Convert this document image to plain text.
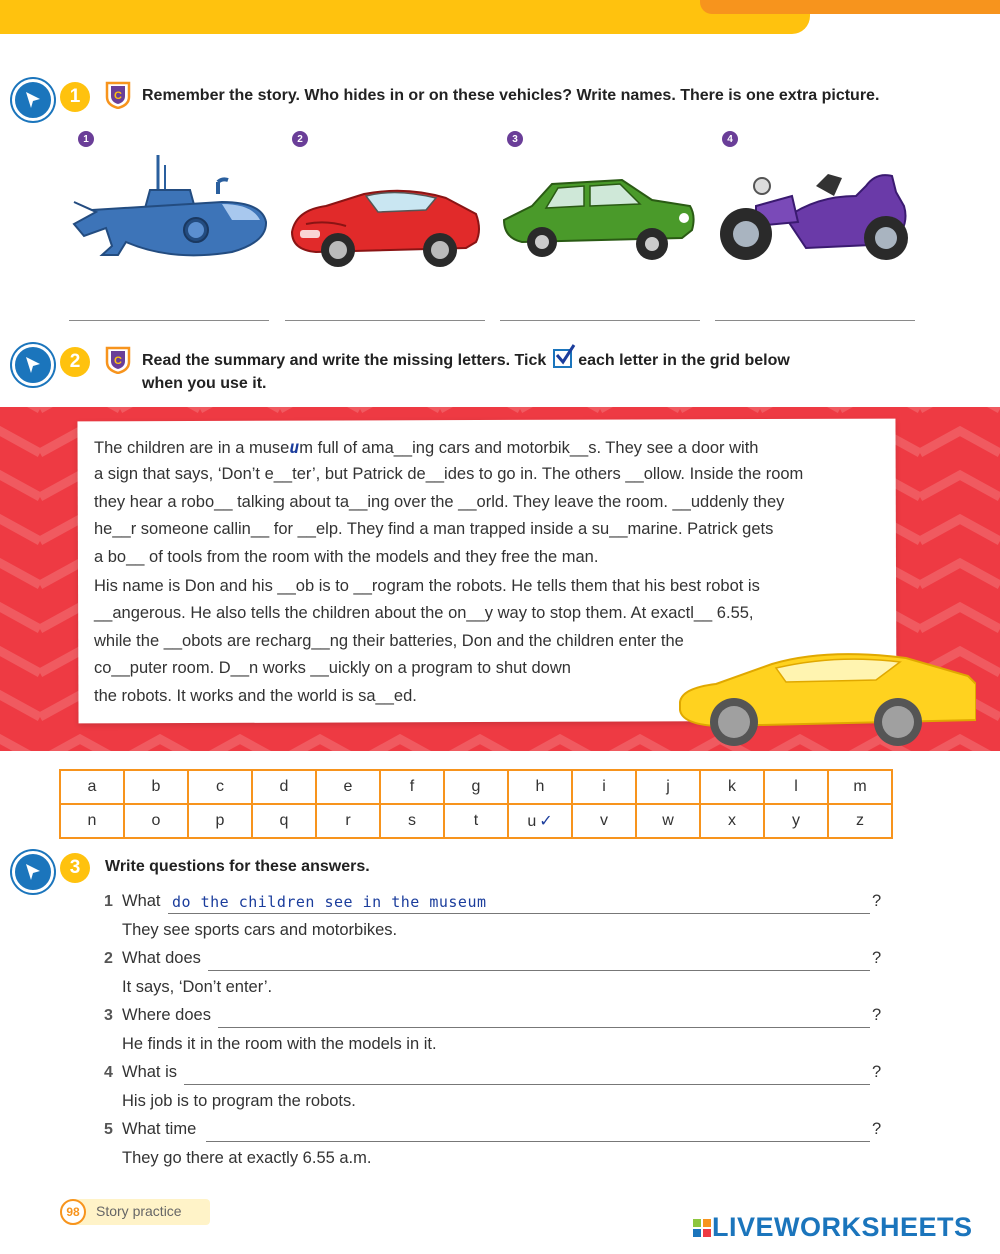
1	C Remember the story. Who hides in or on these vehicles? Write names. There is one extra picture.
1	2	3	4
2	C Read the summary and write the missing letters. Tick each letter in the grid below
when you use it.
The children are in a museum full of ama__ing cars and motorbik__s. They see a door with
a sign that says, ‘Don’t e__ter’, but Patrick de__ides to go in. The others __ollow. Inside the room
they hear a robo__ talking about ta__ing over the __orld. They leave the room. __uddenly they
he__r someone callin__ for __elp. They find a man trapped inside a su__marine. Patrick gets
a bo__ of tools from the room with the models and they free the man.
His name is Don and his __ob is to __rogram the robots. He tells them that his best robot is
__angerous. He also tells the children about the on__y way to stop them. At exactl__ 6.55,
while the __obots are recharg__ng their batteries, Don and the children enter the
co__puter room. D__n works __uickly on a program to shut down
the robots. It works and the world is sa__ed.
a	b	c	d	e	f	g	h	i	j	k	l	m
n	o	p	q	r	s	t	u ✓	v	w	x	y	z
3	Write questions for these answers.
1 What do the children see in the museum	?
They see sports cars and motorbikes.
2 What does	?
It says, ‘Don’t enter’.
3 Where does	?
He finds it in the room with the models in it.
4 What is	?
His job is to program the robots.
5 What time	?
They go there at exactly 6.55 a.m.
98	Story practice
LIVEWORKSHEETS
